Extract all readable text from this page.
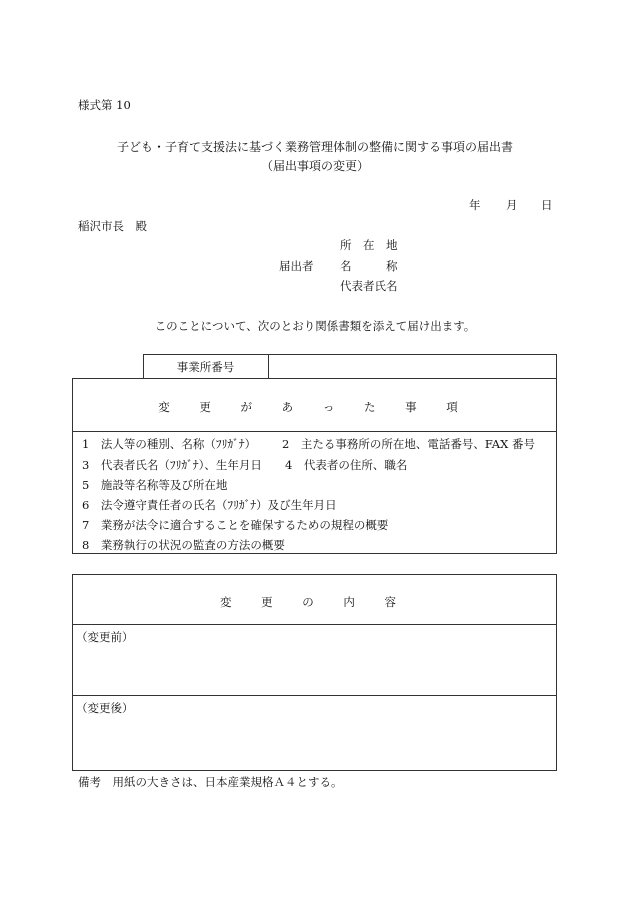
様式第 10
子ども・子育て支援法に基づく業務管理体制の整備に関する事項の届出書
（届出事項の変更）
年 月 日
稲沢市長　殿
所　在　地
届出者 名　　　称
代表者氏名
このことについて、次のとおり関係書類を添えて届け出ます。
事業所番号
変 更 が あ っ た 事 項
1　法人等の種別、名称（ﾌﾘｶﾞﾅ） 2　主たる事務所の所在地、電話番号、FAX 番号
3　代表者氏名（ﾌﾘｶﾞﾅ）、生年月日 4　代表者の住所、職名
5　施設等名称等及び所在地
6　法令遵守責任者の氏名（ﾌﾘｶﾞﾅ）及び生年月日
7　業務が法令に適合することを確保するための規程の概要
8　業務執行の状況の監査の方法の概要
変 更 の 内 容
（変更前）
（変更後）
備考　用紙の大きさは、日本産業規格Ａ４とする。
